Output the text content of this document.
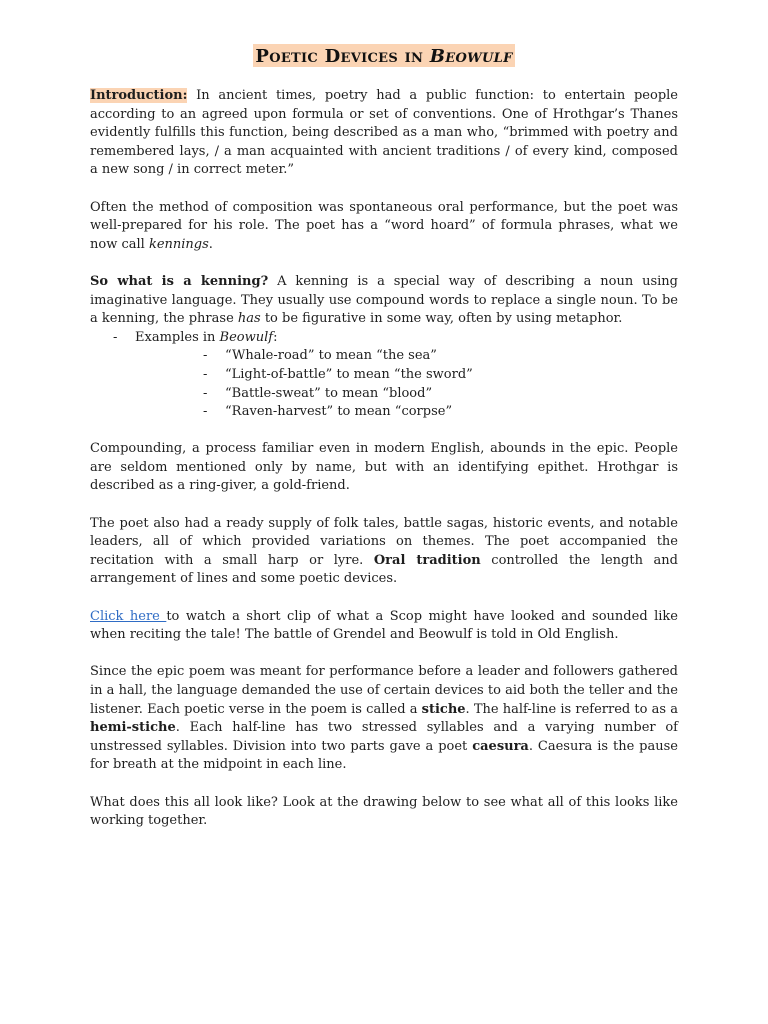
Poetic Devices in Beowulf

Introduction: In ancient times, poetry had a public function: to entertain people according to an agreed upon formula or set of conventions. One of Hrothgar’s Thanes evidently fulfills this function, being described as a man who, “brimmed with poetry and remembered lays, / a man acquainted with ancient traditions / of every kind, composed a new song / in correct meter.”

Often the method of composition was spontaneous oral performance, but the poet was well-prepared for his role. The poet has a “word hoard” of formula phrases, what we now call kennings.

So what is a kenning? A kenning is a special way of describing a noun using imaginative language. They usually use compound words to replace a single noun. To be a kenning, the phrase has to be figurative in some way, often by using metaphor.

- Examples in Beowulf:
- “Whale-road” to mean “the sea”
- “Light-of-battle” to mean “the sword”
- “Battle-sweat” to mean “blood”
- “Raven-harvest” to mean “corpse”

Compounding, a process familiar even in modern English, abounds in the epic. People are seldom mentioned only by name, but with an identifying epithet. Hrothgar is described as a ring-giver, a gold-friend.

The poet also had a ready supply of folk tales, battle sagas, historic events, and notable leaders, all of which provided variations on themes. The poet accompanied the recitation with a small harp or lyre. Oral tradition controlled the length and arrangement of lines and some poetic devices.

Click here to watch a short clip of what a Scop might have looked and sounded like when reciting the tale! The battle of Grendel and Beowulf is told in Old English.

Since the epic poem was meant for performance before a leader and followers gathered in a hall, the language demanded the use of certain devices to aid both the teller and the listener. Each poetic verse in the poem is called a stiche. The half-line is referred to as a hemi-stiche. Each half-line has two stressed syllables and a varying number of unstressed syllables. Division into two parts gave a poet caesura. Caesura is the pause for breath at the midpoint in each line.

What does this all look like? Look at the drawing below to see what all of this looks like working together.
